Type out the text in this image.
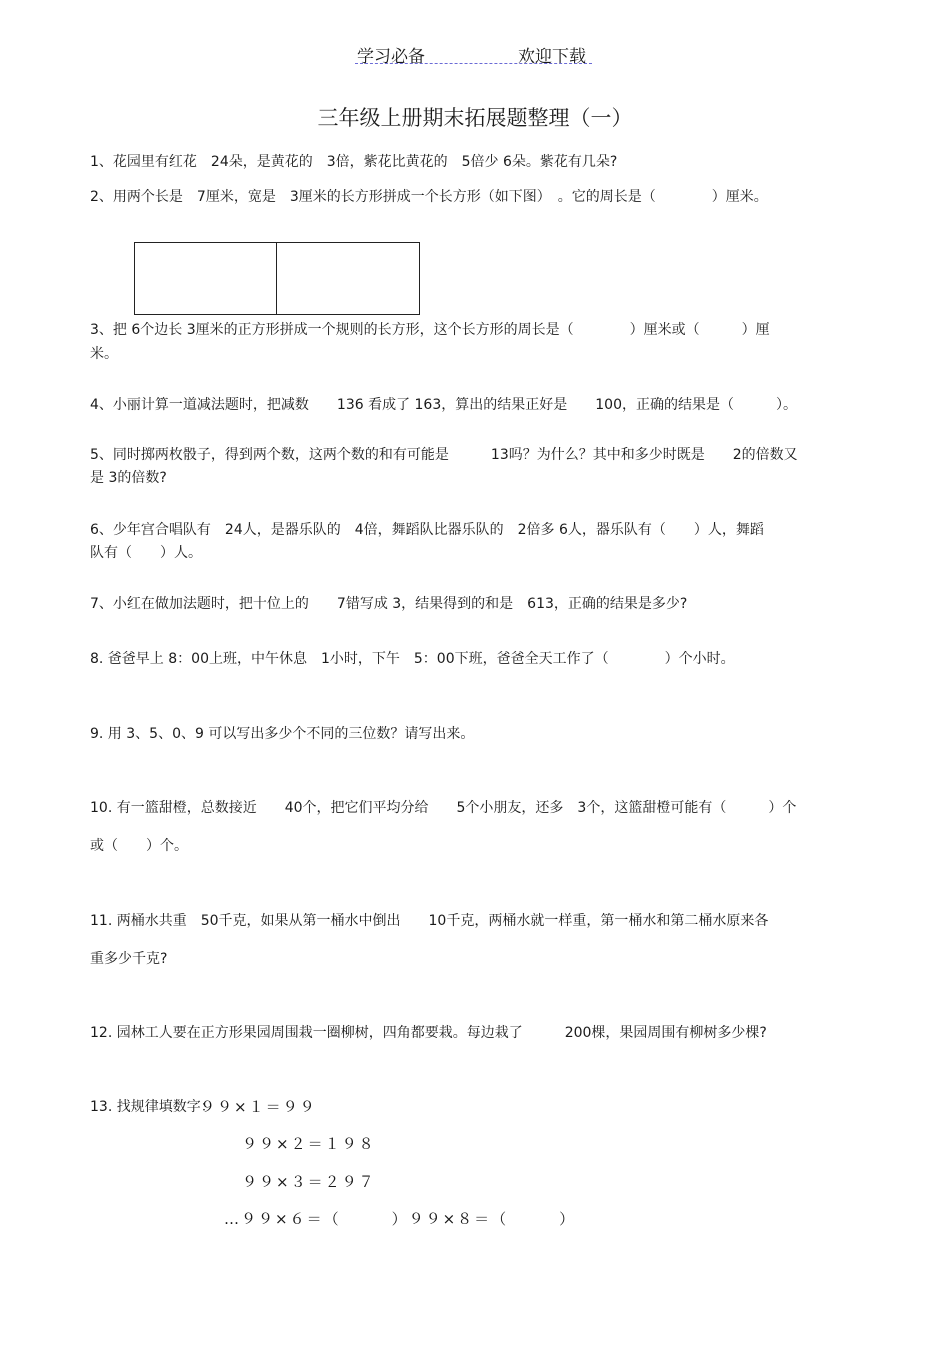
学习必备	欢迎下载
三年级上册期末拓展题整理（一）
1、花园里有红花　24朵，是黄花的　3倍，紫花比黄花的　5倍少 6朵。紫花有几朵?
2、用两个长是　7厘米，宽是　3厘米的长方形拼成一个长方形（如下图）　。它的周长是（　　　　）厘米。
3、把 6个边长 3厘米的正方形拼成一个规则的长方形，这个长方形的周长是（　　　　）厘米或（　　　）厘
米。
4、小丽计算一道减法题时，把减数　　136 看成了 163，算出的结果正好是　　100，正确的结果是（　　　）。
5、同时掷两枚骰子，得到两个数，这两个数的和有可能是　　　13吗？为什么？其中和多少时既是　　2的倍数又
是 3的倍数?
6、少年宫合唱队有　24人，是器乐队的　4倍，舞蹈队比器乐队的　2倍多 6人，器乐队有（　　）人，舞蹈
队有（　　）人。
7、小红在做加法题时，把十位上的　　7错写成 3，结果得到的和是　613，正确的结果是多少?
8. 爸爸早上 8：00上班，中午休息　1小时，下午　5：00下班，爸爸全天工作了（　　　　）个小时。
9. 用 3、5、0、9 可以写出多少个不同的三位数？请写出来。
10. 有一篮甜橙，总数接近　　40个，把它们平均分给　　5个小朋友，还多　3个，这篮甜橙可能有（　　　）个
或（　　）个。
11. 两桶水共重　50千克，如果从第一桶水中倒出　　10千克，两桶水就一样重，第一桶水和第二桶水原来各
重多少千克?
12. 园林工人要在正方形果园周围栽一圈柳树，四角都要栽。每边栽了　　　200棵，果园周围有柳树多少棵?
13. 找规律填数字：
９９×１＝９９
９９×２＝１９８
９９×３＝２９７
…９９×６＝（　　　）９９×８＝（　　　）
